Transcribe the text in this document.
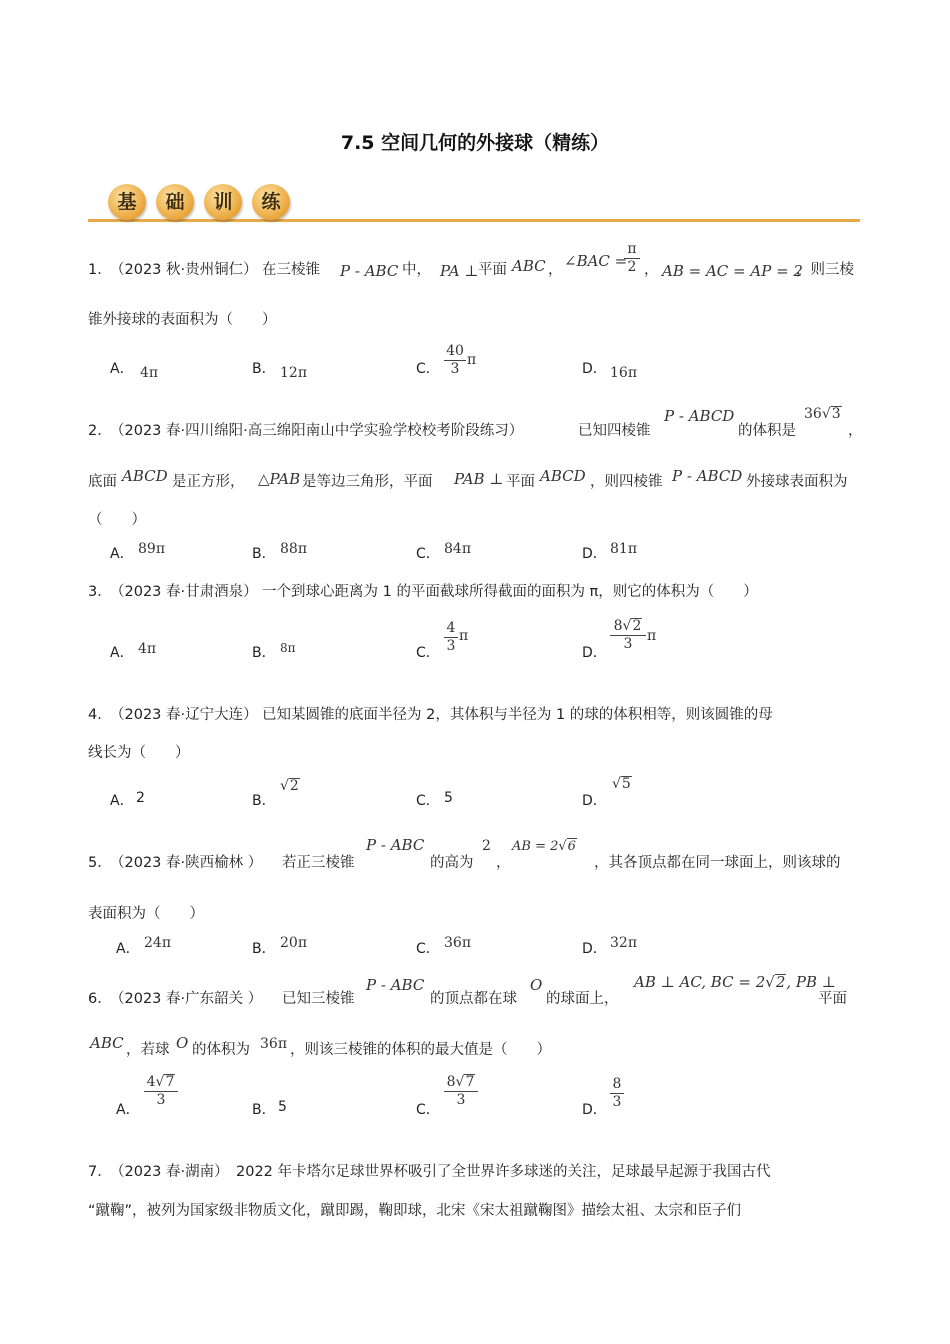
7.5 空间几何的外接球（精练）
基	础	训	练
1．
（2023 秋·贵州铜仁） 在三棱锥 P - ABC 中， PA ⊥ 平面 ABC ， ∠BAC =
π
2 ， AB = AC = AP = 2
，则三棱
锥外接球的表面积为（　　）
A． 4π	B． 12π	C．
40
3
π
D． 16π
2．
（2023 春·四川绵阳·高三绵阳南山中学实验学校校考阶段练习）	已知四棱锥
P - ABCD
的体积是
36√3
，
底面 ABCD 是正方形， △PAB 是等边三角形，平面 PAB ⊥ 平面 ABCD ，则四棱锥 P - ABCD 外接球表面积为
（　　）
A． 89π	B． 88π	C． 84π	D． 81π
3．
（2023 春·甘肃酒泉） 一个到球心距离为 1 的平面截球所得截面的面积为 π，则它的体积为（　　）
A． 4π	B． 8π	C．
4
3
π
D．
8√2
3	π
4．
（2023 春·辽宁大连） 已知某圆锥的底面半径为 2，其体积与半径为 1 的球的体积相等，则该圆锥的母
线长为（　　）
A． 2	B．
√2
C． 5	D．
√5
5．
（2023 春·陕西榆林 ） 若正三棱锥
P - ABC
的高为
2
，
AB = 2√6
，其各顶点都在同一球面上，则该球的
表面积为（　　）
A． 24π	B． 20π	C． 36π	D． 32π
6．
（2023 春·广东韶关 ） 已知三棱锥
P - ABC
的顶点都在球
O
的球面上，
AB ⊥ AC, BC = 2√2, PB ⊥
平面
ABC ，若球 O 的体积为 36π ，则该三棱锥的体积的最大值是（　　）
A．
4√7
3
B． 5	C．
8√7
3
D．
8
3
7．
（2023 春·湖南） 2022 年卡塔尔足球世界杯吸引了全世界许多球迷的关注，足球最早起源于我国古代
“蹴鞠”，被列为国家级非物质文化，蹴即踢，鞠即球，北宋《宋太祖蹴鞠图》描绘太祖、太宗和臣子们
